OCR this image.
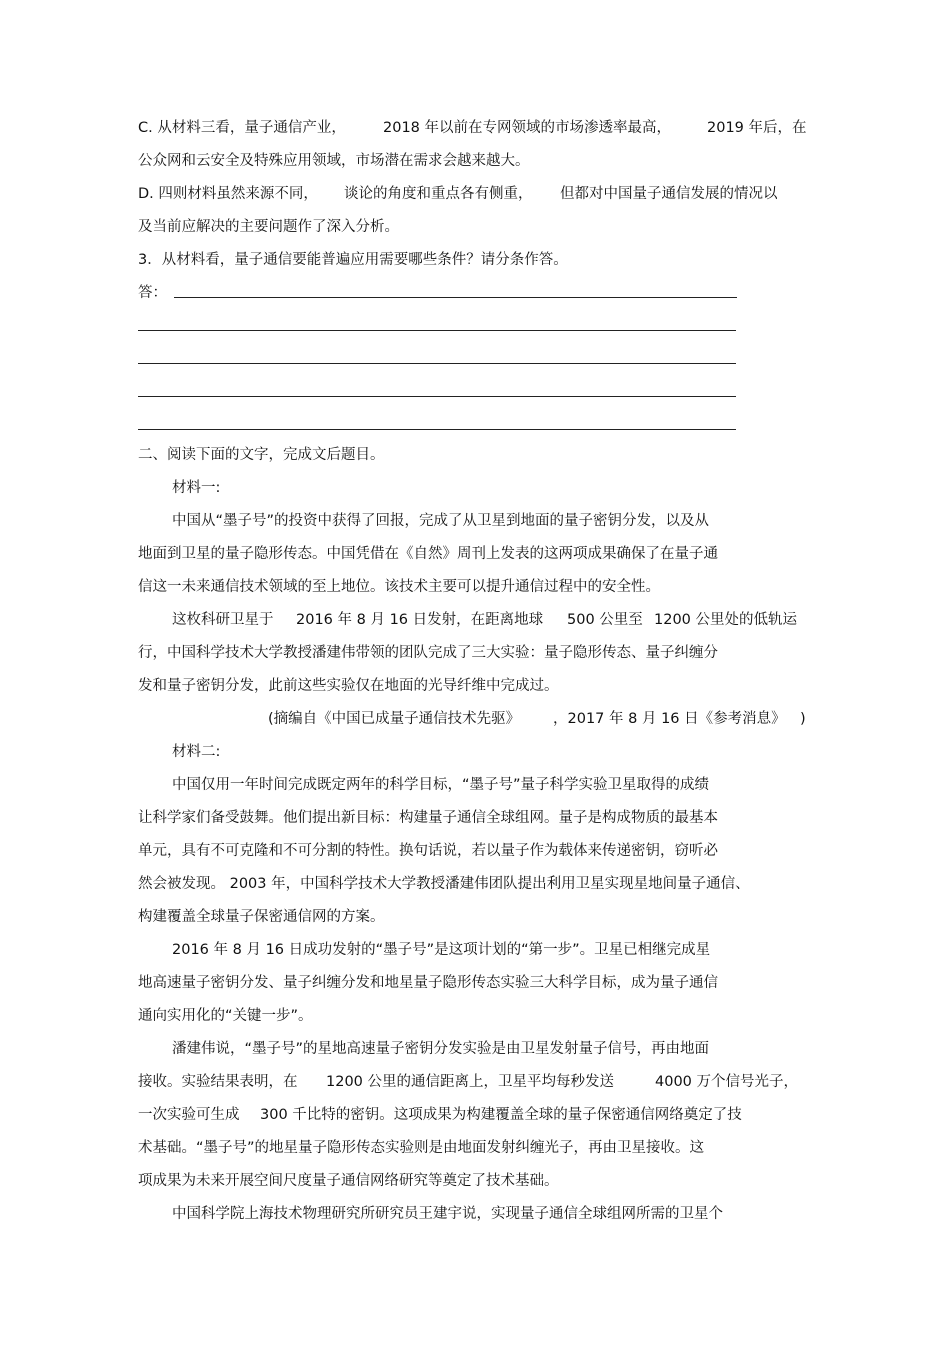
C. 从材料三看，量子通信产业，	2018 年以前在专网领域的市场渗透率最高， 2019 年后，在
公众网和云安全及特殊应用领域，市场潜在需求会越来越大。
D. 四则材料虽然来源不同， 谈论的角度和重点各有侧重， 但都对中国量子通信发展的情况以
及当前应解决的主要问题作了深入分析。
3．从材料看，量子通信要能普遍应用需要哪些条件？请分条作答。
答：
二、阅读下面的文字，完成文后题目。
材料一:
中国从“墨子号”的投资中获得了回报，完成了从卫星到地面的量子密钥分发，以及从
地面到卫星的量子隐形传态。中国凭借在《自然》周刊上发表的这两项成果确保了在量子通
信这一未来通信技术领域的至上地位。该技术主要可以提升通信过程中的安全性。
这枚科研卫星于 2016 年 8 月 16 日发射，在距离地球 500 公里至 1200 公里处的低轨运
行，中国科学技术大学教授潘建伟带领的团队完成了三大实验：量子隐形传态、量子纠缠分
发和量子密钥分发，此前这些实验仅在地面的光导纤维中完成过。
(摘编自《中国已成量子通信技术先驱》 ，2017 年 8 月 16 日《参考消息》 )
材料二:
中国仅用一年时间完成既定两年的科学目标，“墨子号”量子科学实验卫星取得的成绩
让科学家们备受鼓舞。他们提出新目标：构建量子通信全球组网。量子是构成物质的最基本
单元，具有不可克隆和不可分割的特性。换句话说，若以量子作为载体来传递密钥，窃听必
然会被发现。 2003 年，中国科学技术大学教授潘建伟团队提出利用卫星实现星地间量子通信、
构建覆盖全球量子保密通信网的方案。
2016 年 8 月 16 日成功发射的“墨子号”是这项计划的“第一步”。卫星已相继完成星
地高速量子密钥分发、量子纠缠分发和地星量子隐形传态实验三大科学目标，成为量子通信
通向实用化的“关键一步”。
潘建伟说，“墨子号”的星地高速量子密钥分发实验是由卫星发射量子信号，再由地面
接收。实验结果表明，在 1200 公里的通信距离上，卫星平均每秒发送	4000 万个信号光子，
一次实验可生成 300 千比特的密钥。这项成果为构建覆盖全球的量子保密通信网络奠定了技
术基础。“墨子号”的地星量子隐形传态实验则是由地面发射纠缠光子，再由卫星接收。这
项成果为未来开展空间尺度量子通信网络研究等奠定了技术基础。
中国科学院上海技术物理研究所研究员王建宇说，实现量子通信全球组网所需的卫星个
